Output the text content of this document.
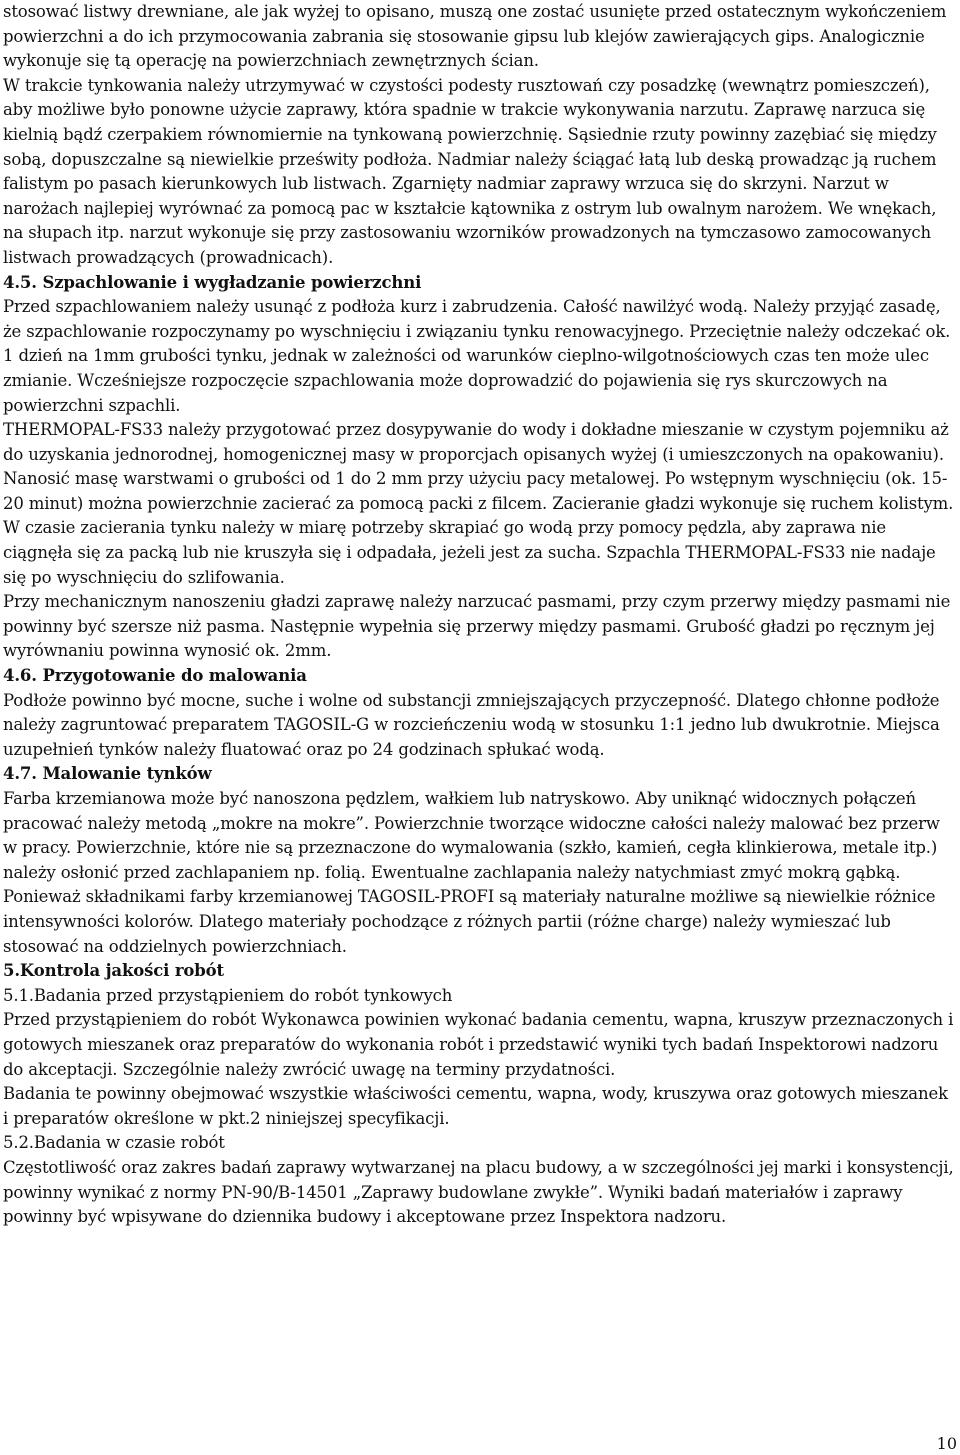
stosować listwy drewniane, ale jak wyżej to opisano, muszą one zostać usunięte przed ostatecznym wykończeniem powierzchni a do ich przymocowania zabrania się stosowanie gipsu lub klejów zawierających gips. Analogicznie wykonuje się tą operację na powierzchniach zewnętrznych ścian.

W trakcie tynkowania należy utrzymywać w czystości podesty rusztowań czy posadzkę (wewnątrz pomieszczeń), aby możliwe było ponowne użycie zaprawy, która spadnie w trakcie wykonywania narzutu. Zaprawę narzuca się kielnią bądź czerpakiem równomiernie na tynkowaną powierzchnię. Sąsiednie rzuty powinny zazębiać się między sobą, dopuszczalne są niewielkie prześwity podłoża. Nadmiar należy ściągać łatą lub deską prowadząc ją ruchem falistym po pasach kierunkowych lub listwach. Zgarnięty nadmiar zaprawy wrzuca się do skrzyni. Narzut w narożach najlepiej wyrównać za pomocą pac w kształcie kątownika z ostrym lub owalnym narożem. We wnękach, na słupach itp. narzut wykonuje się przy zastosowaniu wzorników prowadzonych na tymczasowo zamocowanych listwach prowadzących (prowadnicach).

4.5. Szpachlowanie i wygładzanie powierzchni

Przed szpachlowaniem należy usunąć z podłoża kurz i zabrudzenia. Całość nawilżyć wodą. Należy przyjąć zasadę, że szpachlowanie rozpoczynamy po wyschnięciu i związaniu tynku renowacyjnego. Przeciętnie należy odczekać ok. 1 dzień na 1mm grubości tynku, jednak w zależności od warunków cieplno-wilgotnościowych czas ten może ulec zmianie. Wcześniejsze rozpoczęcie szpachlowania może doprowadzić do pojawienia się rys skurczowych na powierzchni szpachli.

THERMOPAL-FS33 należy przygotować przez dosypywanie do wody i dokładne mieszanie w czystym pojemniku aż do uzyskania jednorodnej, homogenicznej masy w proporcjach opisanych wyżej (i umieszczonych na opakowaniu). Nanosić masę warstwami o grubości od 1 do 2 mm przy użyciu pacy metalowej. Po wstępnym wyschnięciu (ok. 15-20 minut) można powierzchnie zacierać za pomocą packi z filcem. Zacieranie gładzi wykonuje się ruchem kolistym. W czasie zacierania tynku należy w miarę potrzeby skrapiać go wodą przy pomocy pędzla, aby zaprawa nie ciągnęła się za packą lub nie kruszyła się i odpadała, jeżeli jest za sucha. Szpachla THERMOPAL-FS33 nie nadaje się po wyschnięciu do szlifowania.

Przy mechanicznym nanoszeniu gładzi zaprawę należy narzucać pasmami, przy czym przerwy między pasmami nie powinny być szersze niż pasma. Następnie wypełnia się przerwy między pasmami. Grubość gładzi po ręcznym jej wyrównaniu powinna wynosić ok. 2mm.

4.6. Przygotowanie do malowania

Podłoże powinno być mocne, suche i wolne od substancji zmniejszających przyczepność. Dlatego chłonne podłoże należy zagruntować preparatem TAGOSIL-G w rozcieńczeniu wodą w stosunku 1:1 jedno lub dwukrotnie. Miejsca uzupełnień tynków należy fluatować oraz po 24 godzinach spłukać wodą.

4.7. Malowanie tynków

Farba krzemianowa może być nanoszona pędzlem, wałkiem lub natryskowo. Aby uniknąć widocznych połączeń pracować należy metodą „mokre na mokre”. Powierzchnie tworzące widoczne całości należy malować bez przerw w pracy. Powierzchnie, które nie są przeznaczone do wymalowania (szkło, kamień, cegła klinkierowa, metale itp.) należy osłonić przed zachlapaniem np. folią. Ewentualne zachlapania należy natychmiast zmyć mokrą gąbką. Ponieważ składnikami farby krzemianowej TAGOSIL-PROFI są materiały naturalne możliwe są niewielkie różnice intensywności kolorów. Dlatego materiały pochodzące z różnych partii (różne charge) należy wymieszać lub stosować na oddzielnych powierzchniach.

5.Kontrola jakości robót

5.1.Badania przed przystąpieniem do robót tynkowych

Przed przystąpieniem do robót Wykonawca powinien wykonać badania cementu, wapna, kruszyw przeznaczonych i gotowych mieszanek oraz preparatów do wykonania robót i przedstawić wyniki tych badań Inspektorowi nadzoru do akceptacji. Szczególnie należy zwrócić uwagę na terminy przydatności.

Badania te powinny obejmować wszystkie właściwości cementu, wapna, wody, kruszywa oraz gotowych mieszanek i preparatów określone w pkt.2 niniejszej specyfikacji.

5.2.Badania w czasie robót

Częstotliwość oraz zakres badań zaprawy wytwarzanej na placu budowy, a w szczególności jej marki i konsystencji, powinny wynikać z normy PN-90/B-14501 „Zaprawy budowlane zwykłe”. Wyniki badań materiałów i zaprawy powinny być wpisywane do dziennika budowy i akceptowane przez Inspektora nadzoru.

10
